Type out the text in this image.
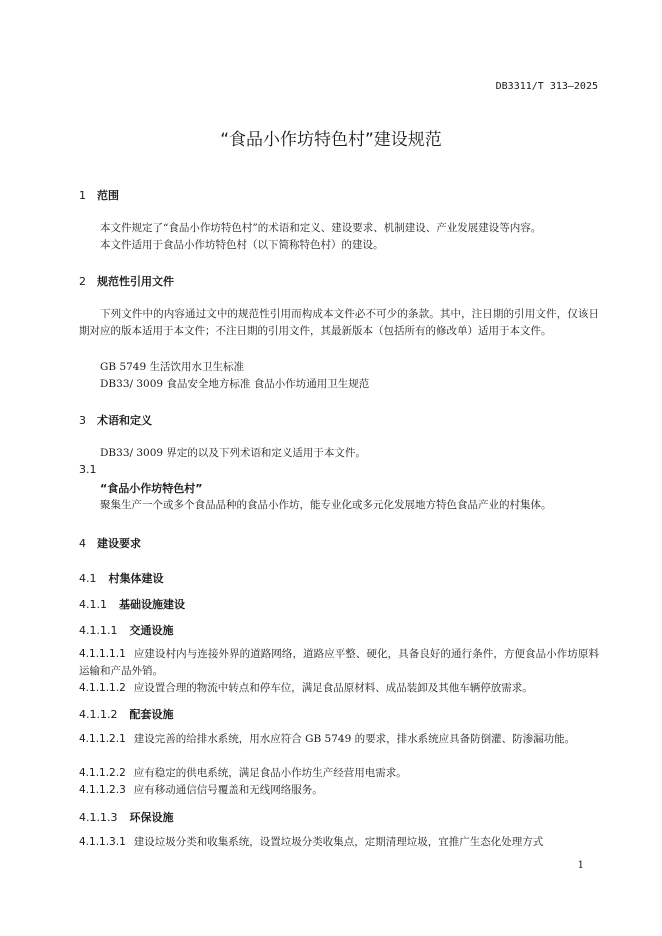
DB3311/T 313—2025
“食品小作坊特色村”建设规范
1 范围
本文件规定了“食品小作坊特色村”的术语和定义、建设要求、机制建设、产业发展建设等内容。
本文件适用于食品小作坊特色村（以下简称特色村）的建设。
2 规范性引用文件
下列文件中的内容通过文中的规范性引用而构成本文件必不可少的条款。其中，注日期的引用文件，仅该日期对应的版本适用于本文件；不注日期的引用文件，其最新版本（包括所有的修改单）适用于本文件。
GB 5749 生活饮用水卫生标准
DB33/ 3009 食品安全地方标准 食品小作坊通用卫生规范
3 术语和定义
DB33/ 3009 界定的以及下列术语和定义适用于本文件。
3.1
“食品小作坊特色村”
聚集生产一个或多个食品品种的食品小作坊，能专业化或多元化发展地方特色食品产业的村集体。
4 建设要求
4.1 村集体建设
4.1.1 基础设施建设
4.1.1.1 交通设施
4.1.1.1.1 应建设村内与连接外界的道路网络，道路应平整、硬化，具备良好的通行条件，方便食品小作坊原料运输和产品外销。
4.1.1.1.2 应设置合理的物流中转点和停车位，满足食品原材料、成品装卸及其他车辆停放需求。
4.1.1.2 配套设施
4.1.1.2.1 建设完善的给排水系统，用水应符合 GB 5749 的要求，排水系统应具备防倒灌、防渗漏功能。
4.1.1.2.2 应有稳定的供电系统，满足食品小作坊生产经营用电需求。
4.1.1.2.3 应有移动通信信号覆盖和无线网络服务。
4.1.1.3 环保设施
4.1.1.3.1 建设垃圾分类和收集系统，设置垃圾分类收集点，定期清理垃圾，宜推广生态化处理方式
1
